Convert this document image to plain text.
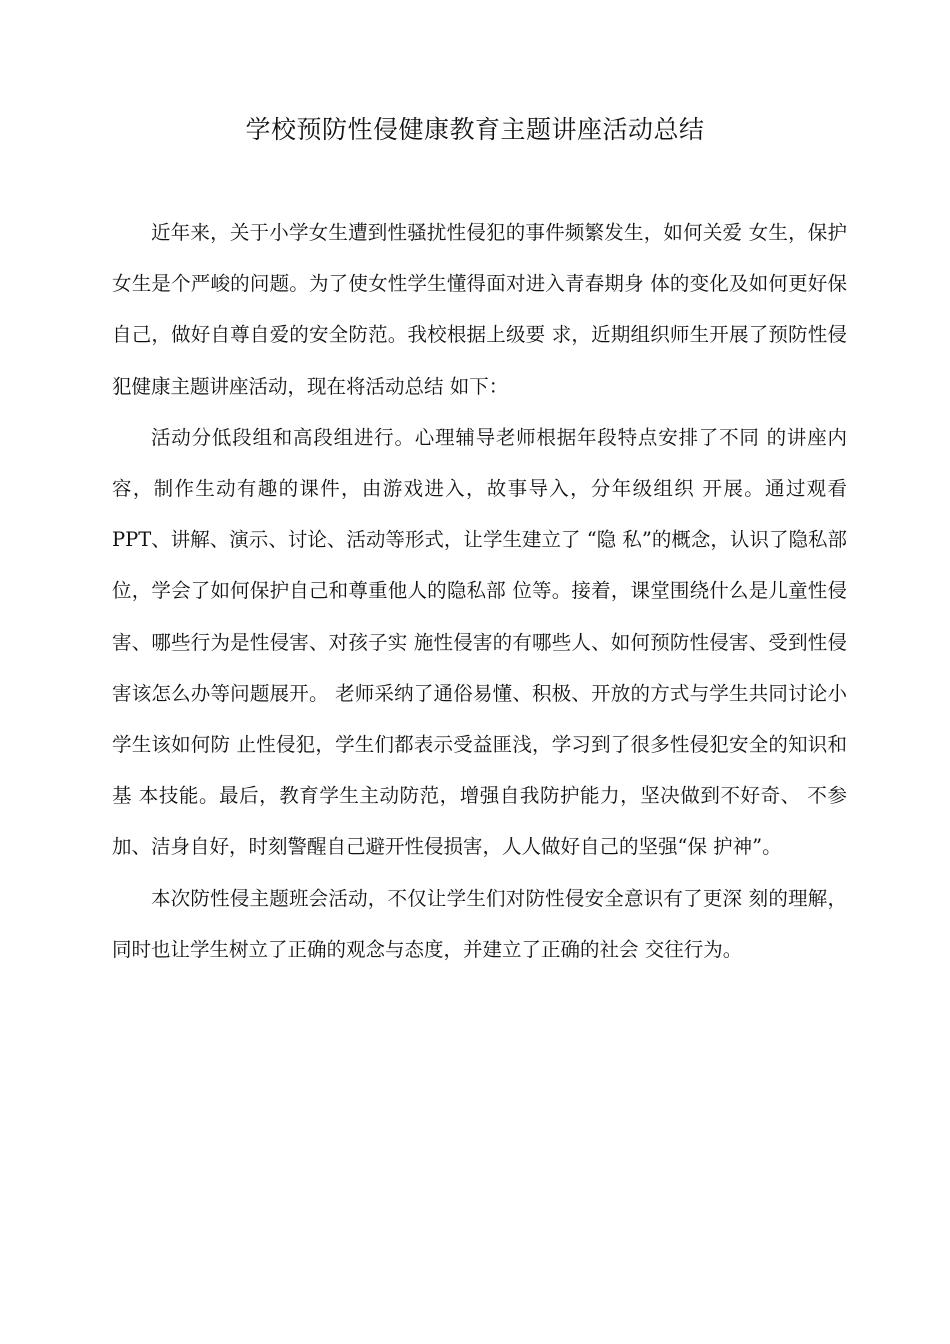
学校预防性侵健康教育主题讲座活动总结

近年来，关于小学女生遭到性骚扰性侵犯的事件频繁发生，如何关爱 女生，保护女生是个严峻的问题。为了使女性学生懂得面对进入青春期身 体的变化及如何更好保自己，做好自尊自爱的安全防范。我校根据上级要 求，近期组织师生开展了预防性侵犯健康主题讲座活动，现在将活动总结 如下：

活动分低段组和高段组进行。心理辅导老师根据年段特点安排了不同 的讲座内容，制作生动有趣的课件，由游戏进入，故事导入，分年级组织 开展。通过观看PPT、讲解、演示、讨论、活动等形式，让学生建立了 “隐 私”的概念，认识了隐私部位，学会了如何保护自己和尊重他人的隐私部 位等。接着，课堂围绕什么是儿童性侵害、哪些行为是性侵害、对孩子实 施性侵害的有哪些人、如何预防性侵害、受到性侵害该怎么办等问题展开。 老师采纳了通俗易懂、积极、开放的方式与学生共同讨论小学生该如何防 止性侵犯，学生们都表示受益匪浅，学习到了很多性侵犯安全的知识和基 本技能。最后，教育学生主动防范，增强自我防护能力，坚决做到不好奇、 不参加、洁身自好，时刻警醒自己避开性侵损害，人人做好自己的坚强“保 护神”。

本次防性侵主题班会活动，不仅让学生们对防性侵安全意识有了更深 刻的理解，同时也让学生树立了正确的观念与态度，并建立了正确的社会 交往行为。
